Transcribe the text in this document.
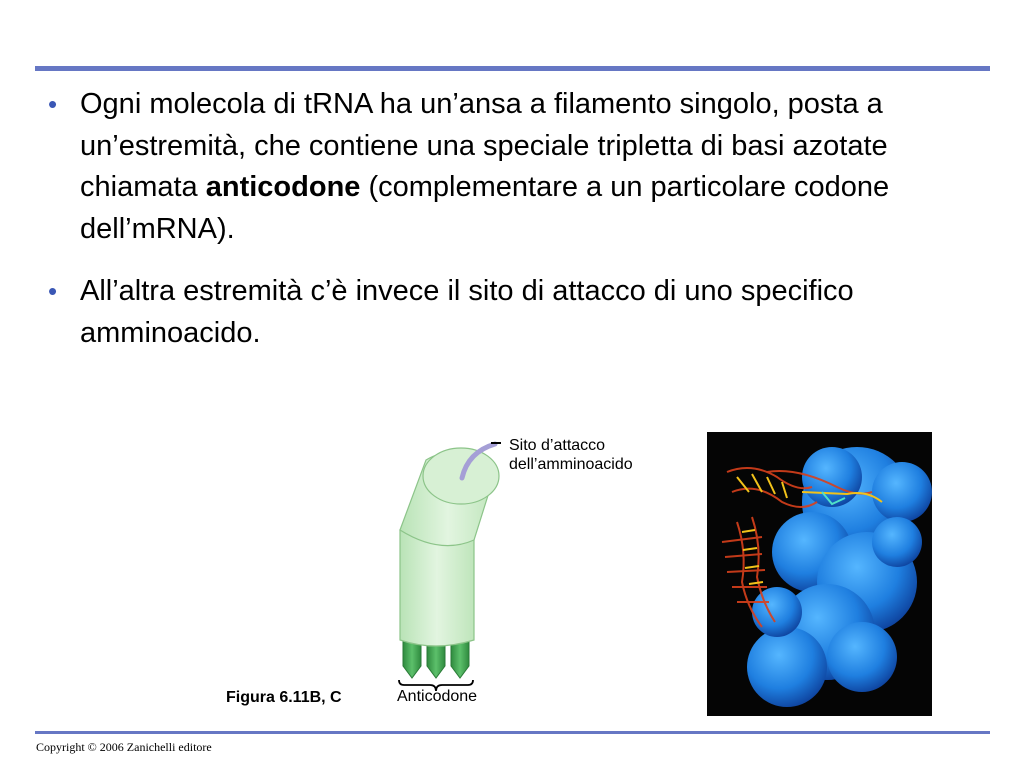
• Ogni molecola di tRNA ha un’ansa a filamento singolo, posta a un’estremità, che contiene una speciale tripletta di basi azotate chiamata anticodone (complementare a un particolare codone dell’mRNA).
• All’altra estremità c’è invece il sito di attacco di uno specifico amminoacido.
Sito d’attacco
dell’amminoacido
Anticodone
Figura 6.11B, C
Copyright © 2006 Zanichelli editore
